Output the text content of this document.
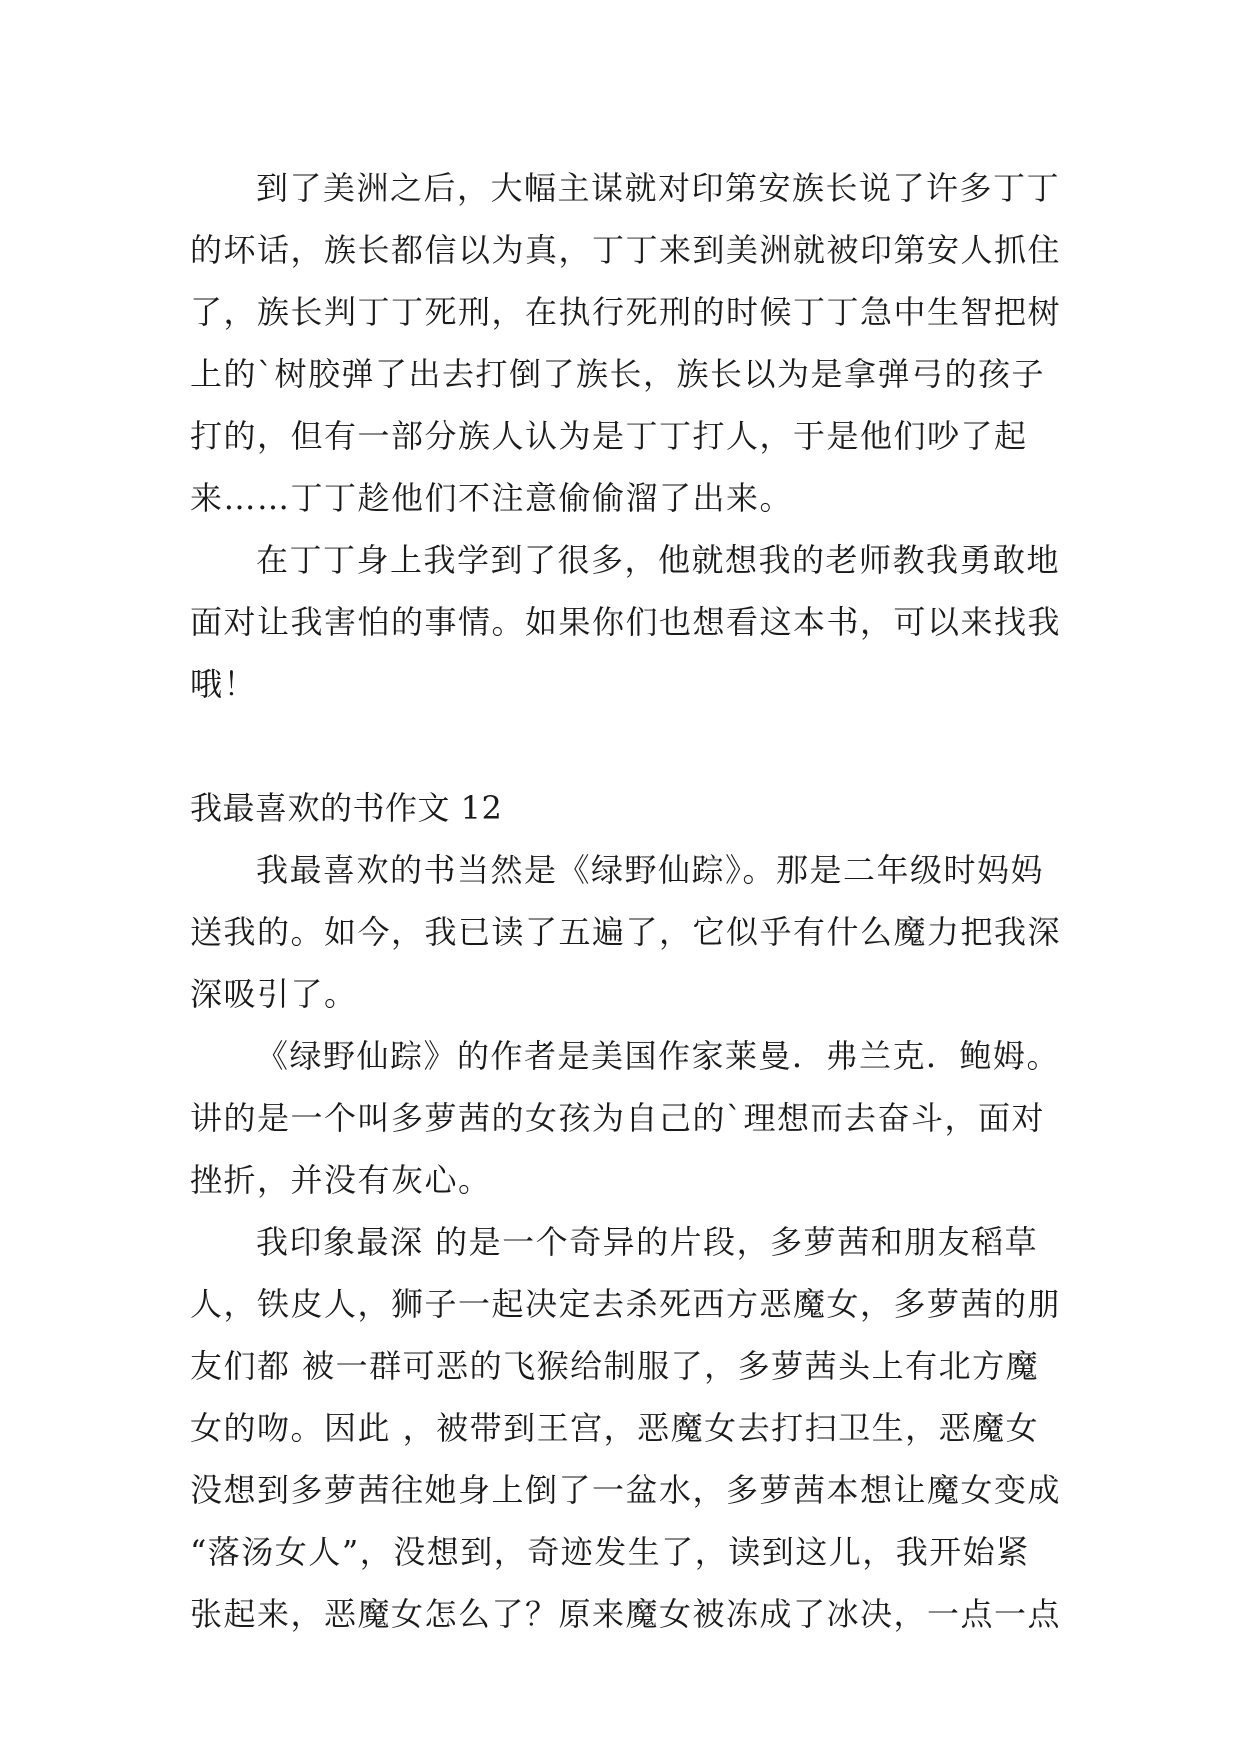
到了美洲之后，大幅主谋就对印第安族长说了许多丁丁
的坏话，族长都信以为真，丁丁来到美洲就被印第安人抓住
了，族长判丁丁死刑，在执行死刑的时候丁丁急中生智把树
上的`树胶弹了出去打倒了族长，族长以为是拿弹弓的孩子
打的，但有一部分族人认为是丁丁打人，于是他们吵了起
来……丁丁趁他们不注意偷偷溜了出来。
在丁丁身上我学到了很多，他就想我的老师教我勇敢地
面对让我害怕的事情。如果你们也想看这本书，可以来找我
哦！
我最喜欢的书作文 12
我最喜欢的书当然是《绿野仙踪》。那是二年级时妈妈
送我的。如今，我已读了五遍了，它似乎有什么魔力把我深
深吸引了。
《绿野仙踪》的作者是美国作家莱曼．弗兰克．鲍姆。
讲的是一个叫多萝茜的女孩为自己的`理想而去奋斗，面对
挫折，并没有灰心。
我印象最深 的是一个奇异的片段，多萝茜和朋友稻草
人，铁皮人，狮子一起决定去杀死西方恶魔女，多萝茜的朋
友们都 被一群可恶的飞猴给制服了，多萝茜头上有北方魔
女的吻。因此 ，被带到王宫，恶魔女去打扫卫生，恶魔女
没想到多萝茜往她身上倒了一盆水，多萝茜本想让魔女变成
“落汤女人”，没想到，奇迹发生了，读到这儿，我开始紧
张起来，恶魔女怎么了？原来魔女被冻成了冰决，一点一点
